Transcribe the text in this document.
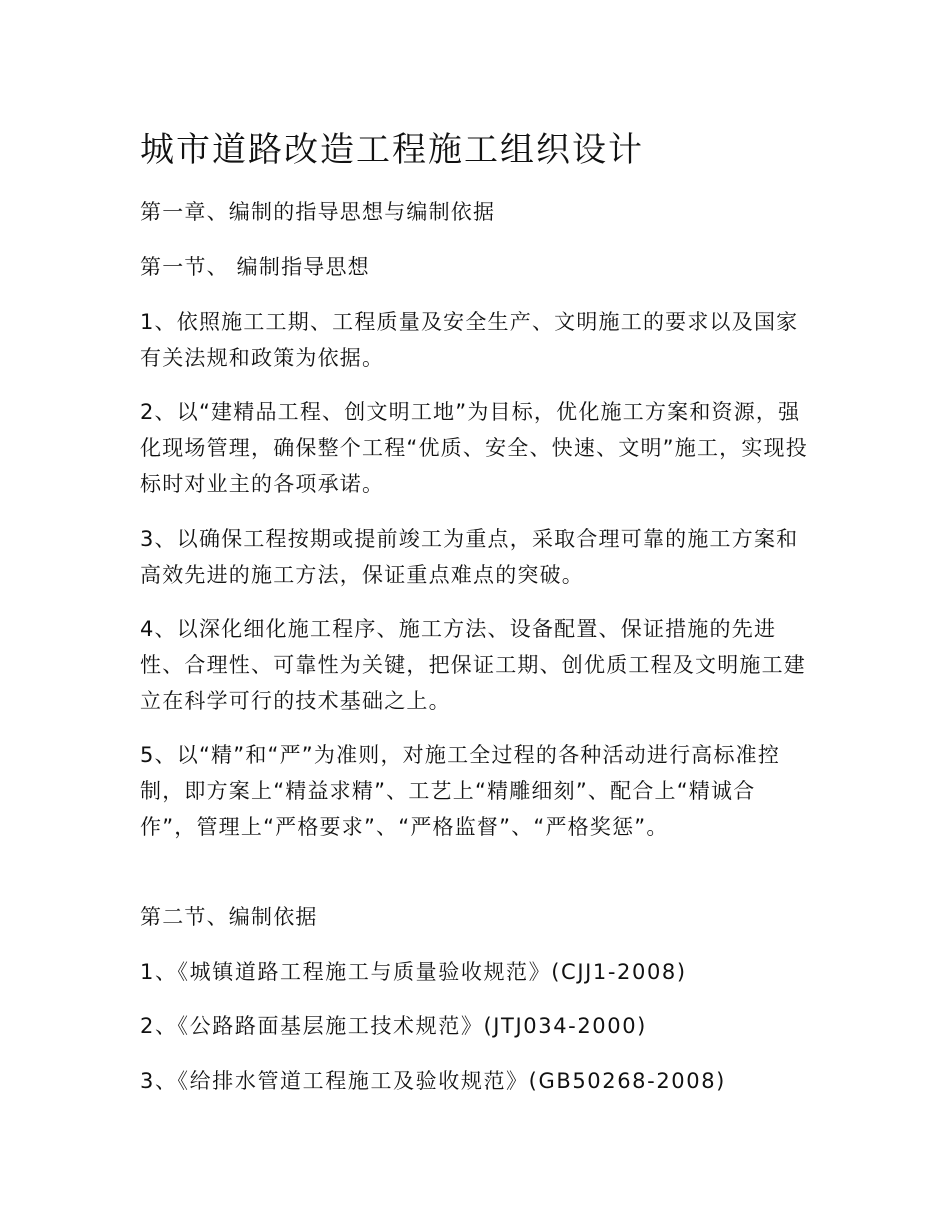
城市道路改造工程施工组织设计

第一章、编制的指导思想与编制依据

第一节、 编制指导思想

1、依照施工工期、工程质量及安全生产、文明施工的要求以及国家有关法规和政策为依据。

2、以“建精品工程、创文明工地”为目标，优化施工方案和资源，强化现场管理，确保整个工程“优质、安全、快速、文明”施工，实现投标时对业主的各项承诺。

3、以确保工程按期或提前竣工为重点，采取合理可靠的施工方案和高效先进的施工方法，保证重点难点的突破。

4、以深化细化施工程序、施工方法、设备配置、保证措施的先进性、合理性、可靠性为关键，把保证工期、创优质工程及文明施工建立在科学可行的技术基础之上。

5、以“精”和“严”为准则，对施工全过程的各种活动进行高标准控制，即方案上“精益求精”、工艺上“精雕细刻”、配合上“精诚合作”，管理上“严格要求”、“严格监督”、“严格奖惩”。

第二节、编制依据

1、《城镇道路工程施工与质量验收规范》(CJJ1-2008)

2、《公路路面基层施工技术规范》(JTJ034-2000)

3、《给排水管道工程施工及验收规范》(GB50268-2008)
